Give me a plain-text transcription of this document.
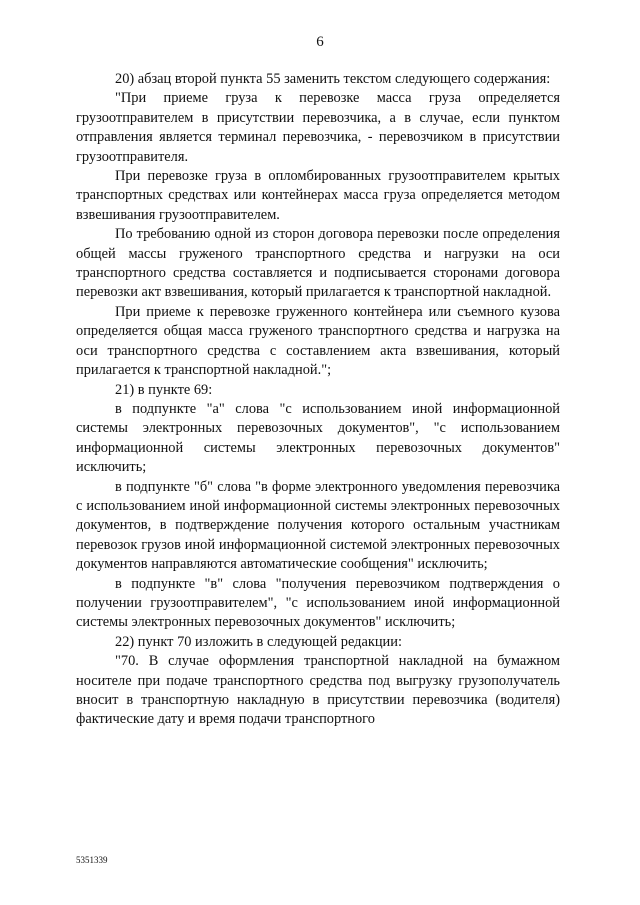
6

20) абзац второй пункта 55 заменить текстом следующего содержания:

"При приеме груза к перевозке масса груза определяется грузоотправителем в присутствии перевозчика, а в случае, если пунктом отправления является терминал перевозчика, - перевозчиком в присутствии грузоотправителя.

При перевозке груза в опломбированных грузоотправителем крытых транспортных средствах или контейнерах масса груза определяется методом взвешивания грузоотправителем.

По требованию одной из сторон договора перевозки после определения общей массы груженого транспортного средства и нагрузки на оси транспортного средства составляется и подписывается сторонами договора перевозки акт взвешивания, который прилагается к транспортной накладной.

При приеме к перевозке груженного контейнера или съемного кузова определяется общая масса груженого транспортного средства и нагрузка на оси транспортного средства с составлением акта взвешивания, который прилагается к транспортной накладной.";

21) в пункте 69:

в подпункте "а" слова "с использованием иной информационной системы электронных перевозочных документов", "с использованием информационной системы электронных перевозочных документов" исключить;

в подпункте "б" слова "в форме электронного уведомления перевозчика с использованием иной информационной системы электронных перевозочных документов, в подтверждение получения которого остальным участникам перевозок грузов иной информационной системой электронных перевозочных документов направляются автоматические сообщения" исключить;

в подпункте "в" слова "получения перевозчиком подтверждения о получении грузоотправителем", "с использованием иной информационной системы электронных перевозочных документов" исключить;

22) пункт 70 изложить в следующей редакции:

"70. В случае оформления транспортной накладной на бумажном носителе при подаче транспортного средства под выгрузку грузополучатель вносит в транспортную накладную в присутствии перевозчика (водителя) фактические дату и время подачи транспортного

5351339
